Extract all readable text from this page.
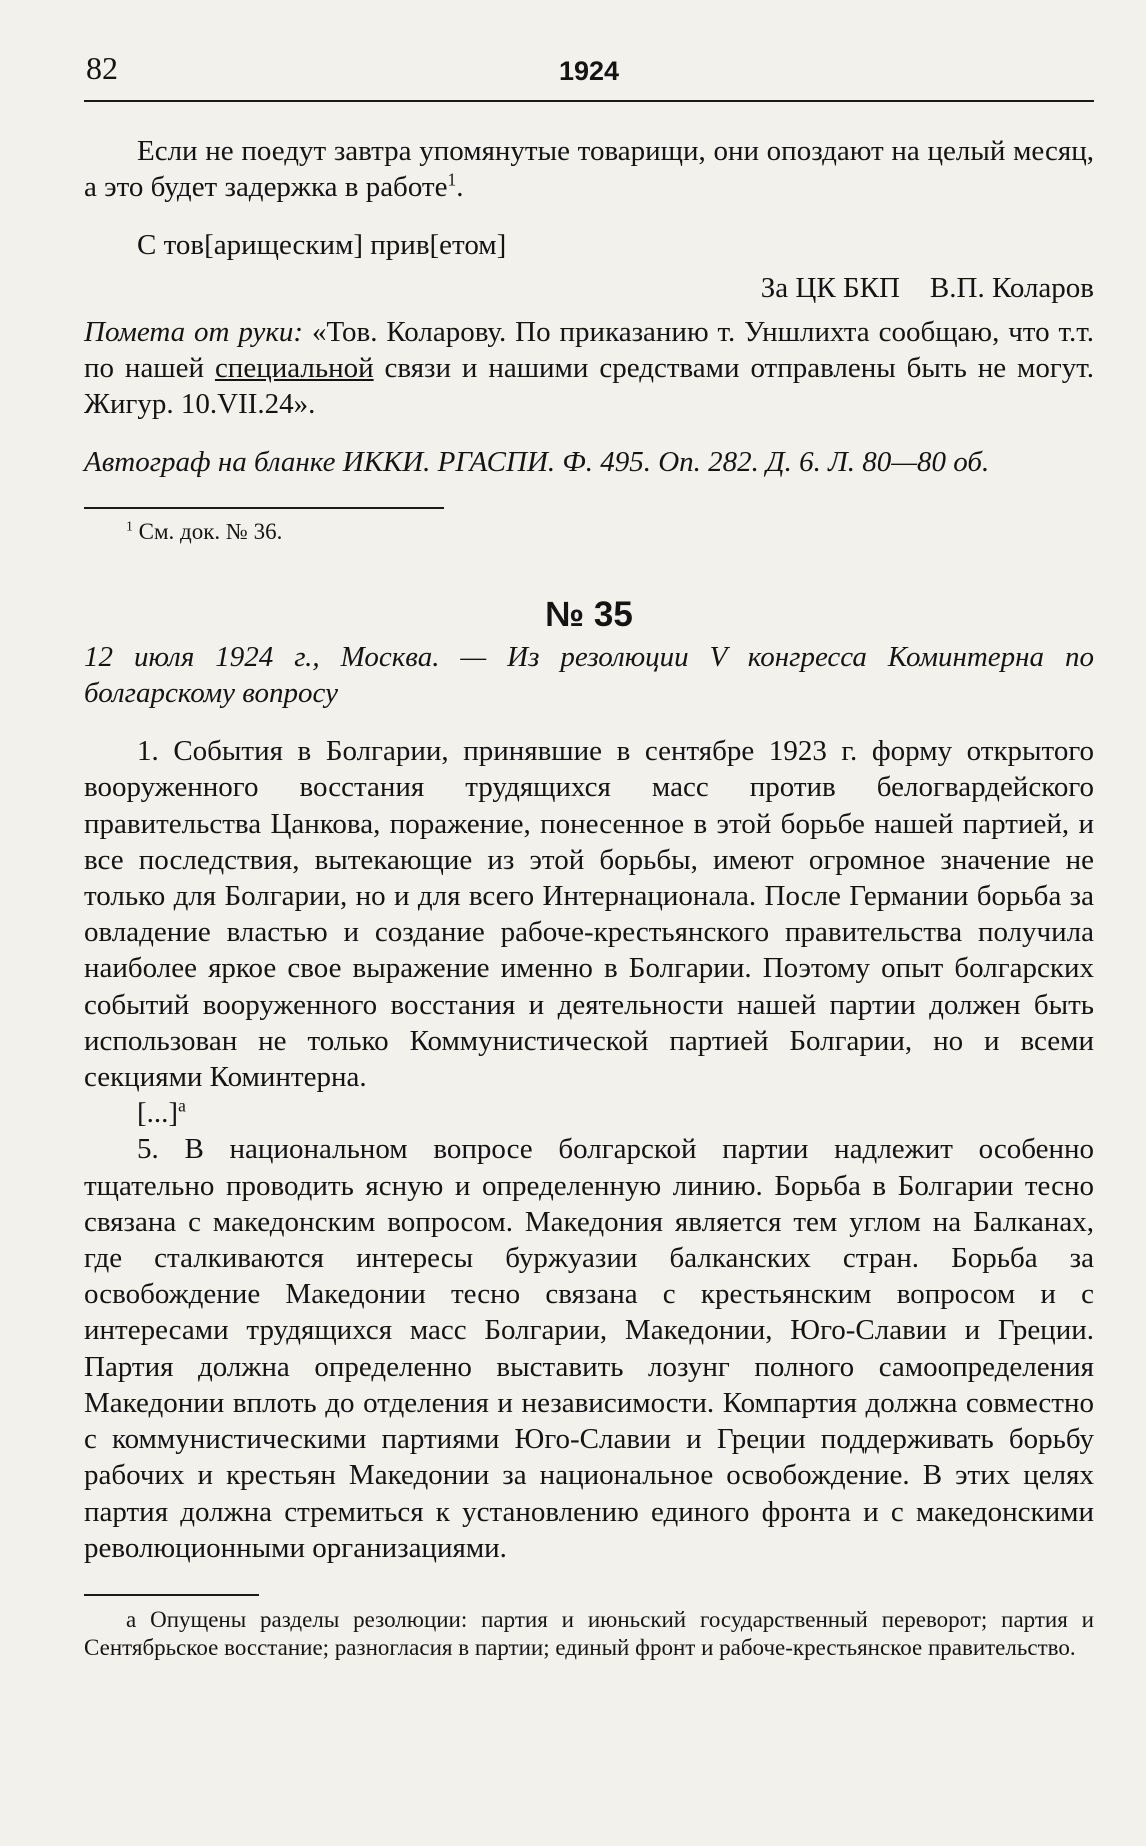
82	1924

Если не поедут завтра упомянутые товарищи, они опоздают на целый месяц, а это будет задержка в работе$^1$.

С тов[арищеским] прив[етом]

За ЦК БКП В.П. Коларов

Помета от руки: «Тов. Коларову. По приказанию т. Уншлихта сообщаю, что т.т. по нашей специальной связи и нашими средствами отправлены быть не могут. Жигур. 10.VII.24».

Автограф на бланке ИККИ. РГАСПИ. Ф. 495. Оп. 282. Д. 6. Л. 80—80 об.

$^1$ См. док. № 36.

№ 35

12 июля 1924 г., Москва. — Из резолюции V конгресса Коминтерна по болгарскому вопросу

1. События в Болгарии, принявшие в сентябре 1923 г. форму открытого вооруженного восстания трудящихся масс против белогвардейского правительства Цанкова, поражение, понесенное в этой борьбе нашей партией, и все последствия, вытекающие из этой борьбы, имеют огромное значение не только для Болгарии, но и для всего Интернационала. После Германии борьба за овладение властью и создание рабоче-крестьянского правительства получила наиболее яркое свое выражение именно в Болгарии. Поэтому опыт болгарских событий вооруженного восстания и деятельности нашей партии должен быть использован не только Коммунистической партией Болгарии, но и всеми секциями Коминтерна.

[...]$^а$

5. В национальном вопросе болгарской партии надлежит особенно тщательно проводить ясную и определенную линию. Борьба в Болгарии тесно связана с македонским вопросом. Македония является тем углом на Балканах, где сталкиваются интересы буржуазии балканских стран. Борьба за освобождение Македонии тесно связана с крестьянским вопросом и с интересами трудящихся масс Болгарии, Македонии, Юго-Славии и Греции. Партия должна определенно выставить лозунг полного самоопределения Македонии вплоть до отделения и независимости. Компартия должна совместно с коммунистическими партиями Юго-Славии и Греции поддерживать борьбу рабочих и крестьян Македонии за национальное освобождение. В этих целях партия должна стремиться к установлению единого фронта и с македонскими революционными организациями.

а Опущены разделы резолюции: партия и июньский государственный переворот; партия и Сентябрьское восстание; разногласия в партии; единый фронт и рабоче-крестьянское правительство.
